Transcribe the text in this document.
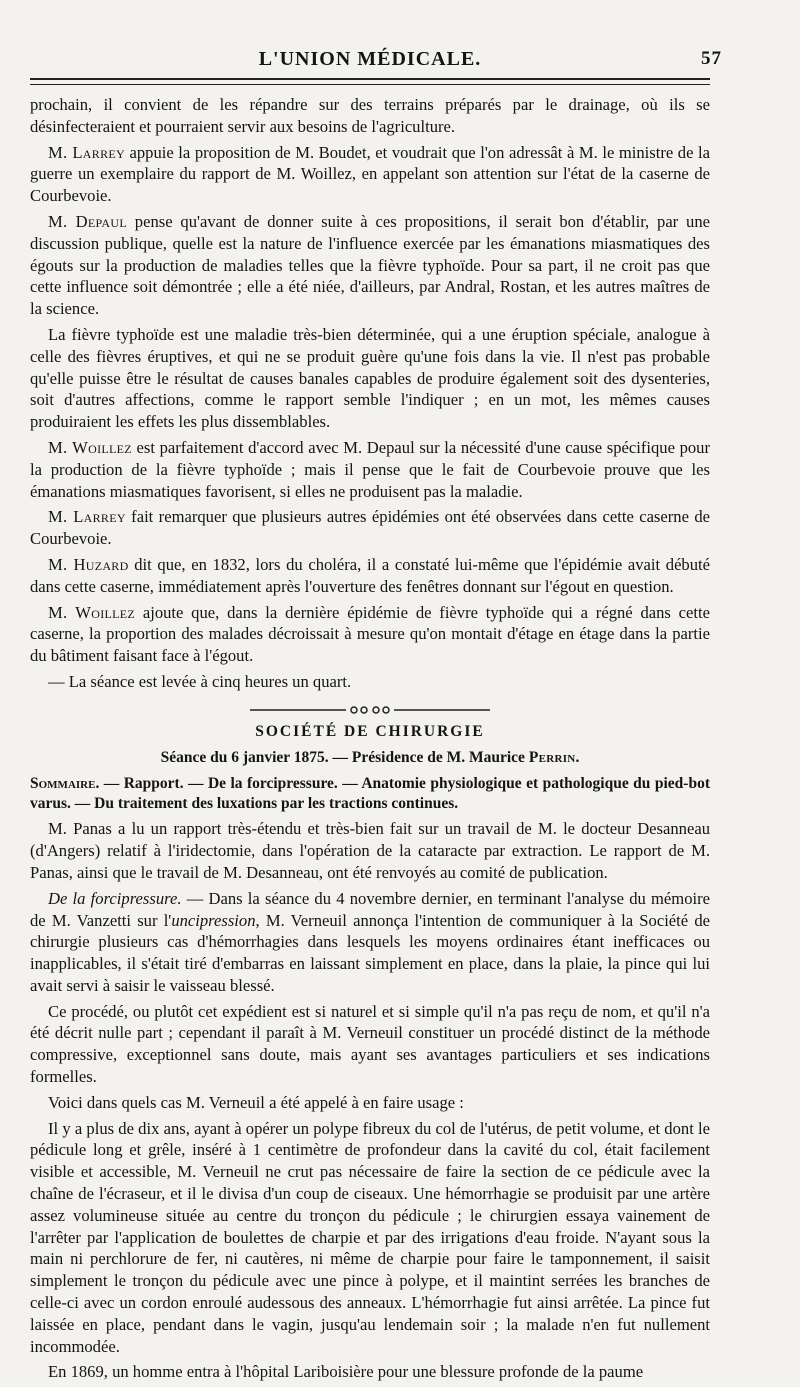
L'UNION MÉDICALE.	57

prochain, il convient de les répandre sur des terrains préparés par le drainage, où ils se désinfecteraient et pourraient servir aux besoins de l'agriculture.

M. Larrey appuie la proposition de M. Boudet, et voudrait que l'on adressât à M. le ministre de la guerre un exemplaire du rapport de M. Woillez, en appelant son attention sur l'état de la caserne de Courbevoie.

M. Depaul pense qu'avant de donner suite à ces propositions, il serait bon d'établir, par une discussion publique, quelle est la nature de l'influence exercée par les émanations miasmatiques des égouts sur la production de maladies telles que la fièvre typhoïde. Pour sa part, il ne croit pas que cette influence soit démontrée ; elle a été niée, d'ailleurs, par Andral, Rostan, et les autres maîtres de la science.

La fièvre typhoïde est une maladie très-bien déterminée, qui a une éruption spéciale, analogue à celle des fièvres éruptives, et qui ne se produit guère qu'une fois dans la vie. Il n'est pas probable qu'elle puisse être le résultat de causes banales capables de produire également soit des dysenteries, soit d'autres affections, comme le rapport semble l'indiquer ; en un mot, les mêmes causes produiraient les effets les plus dissemblables.

M. Woillez est parfaitement d'accord avec M. Depaul sur la nécessité d'une cause spécifique pour la production de la fièvre typhoïde ; mais il pense que le fait de Courbevoie prouve que les émanations miasmatiques favorisent, si elles ne produisent pas la maladie.

M. Larrey fait remarquer que plusieurs autres épidémies ont été observées dans cette caserne de Courbevoie.

M. Huzard dit que, en 1832, lors du choléra, il a constaté lui-même que l'épidémie avait débuté dans cette caserne, immédiatement après l'ouverture des fenêtres donnant sur l'égout en question.

M. Woillez ajoute que, dans la dernière épidémie de fièvre typhoïde qui a régné dans cette caserne, la proportion des malades décroissait à mesure qu'on montait d'étage en étage dans la partie du bâtiment faisant face à l'égout.

— La séance est levée à cinq heures un quart.

SOCIÉTÉ DE CHIRURGIE
Séance du 6 janvier 1875. — Présidence de M. Maurice Perrin.

Sommaire. — Rapport. — De la forcipressure. — Anatomie physiologique et pathologique du pied-bot varus. — Du traitement des luxations par les tractions continues.

M. Panas a lu un rapport très-étendu et très-bien fait sur un travail de M. le docteur Desanneau (d'Angers) relatif à l'iridectomie, dans l'opération de la cataracte par extraction. Le rapport de M. Panas, ainsi que le travail de M. Desanneau, ont été renvoyés au comité de publication.

De la forcipressure. — Dans la séance du 4 novembre dernier, en terminant l'analyse du mémoire de M. Vanzetti sur l'uncipression, M. Verneuil annonça l'intention de communiquer à la Société de chirurgie plusieurs cas d'hémorrhagies dans lesquels les moyens ordinaires étant inefficaces ou inapplicables, il s'était tiré d'embarras en laissant simplement en place, dans la plaie, la pince qui lui avait servi à saisir le vaisseau blessé.

Ce procédé, ou plutôt cet expédient est si naturel et si simple qu'il n'a pas reçu de nom, et qu'il n'a été décrit nulle part ; cependant il paraît à M. Verneuil constituer un procédé distinct de la méthode compressive, exceptionnel sans doute, mais ayant ses avantages particuliers et ses indications formelles.

Voici dans quels cas M. Verneuil a été appelé à en faire usage :

Il y a plus de dix ans, ayant à opérer un polype fibreux du col de l'utérus, de petit volume, et dont le pédicule long et grêle, inséré à 1 centimètre de profondeur dans la cavité du col, était facilement visible et accessible, M. Verneuil ne crut pas nécessaire de faire la section de ce pédicule avec la chaîne de l'écraseur, et il le divisa d'un coup de ciseaux. Une hémorrhagie se produisit par une artère assez volumineuse située au centre du tronçon du pédicule ; le chirurgien essaya vainement de l'arrêter par l'application de boulettes de charpie et par des irrigations d'eau froide. N'ayant sous la main ni perchlorure de fer, ni cautères, ni même de charpie pour faire le tamponnement, il saisit simplement le tronçon du pédicule avec une pince à polype, et il maintint serrées les branches de celle-ci avec un cordon enroulé audessous des anneaux. L'hémorrhagie fut ainsi arrêtée. La pince fut laissée en place, pendant dans le vagin, jusqu'au lendemain soir ; la malade n'en fut nullement incommodée.

En 1869, un homme entra à l'hôpital Lariboisière pour une blessure profonde de la paume
